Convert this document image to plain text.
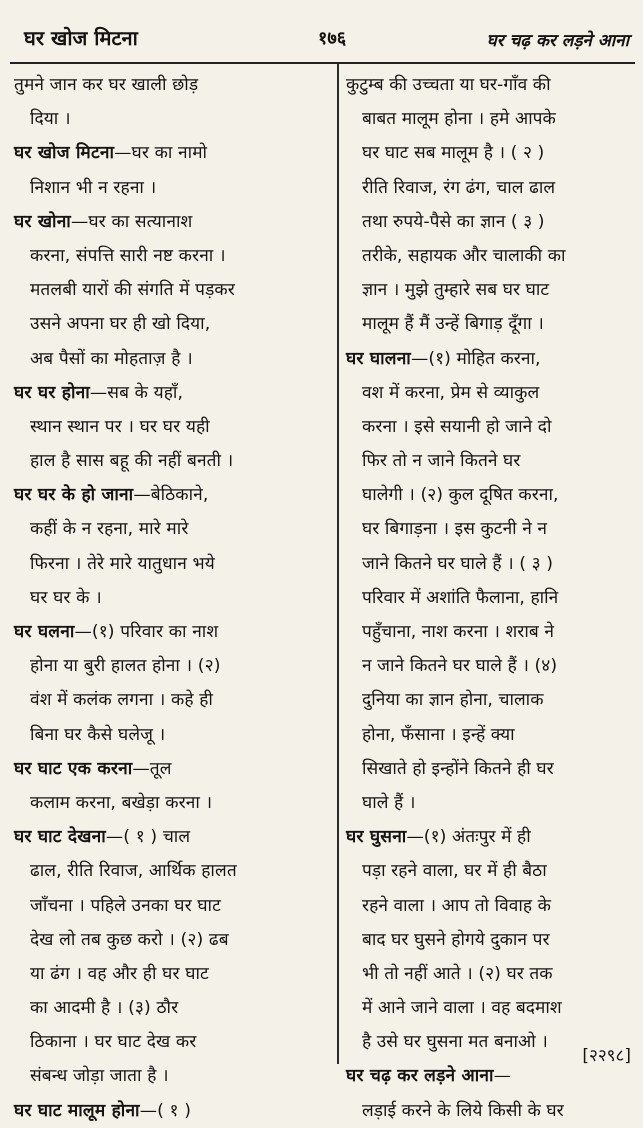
घर खोज मिटना	१७६	घर चढ़ कर लड़ने आना
तुमने जान कर घर खाली छोड़
दिया ।
घर खोज मिटना—घर का नामो
निशान भी न रहना ।
घर खोना—घर का सत्यानाश
करना, संपत्ति सारी नष्ट करना ।
मतलबी यारों की संगति में पड़कर
उसने अपना घर ही खो दिया,
अब पैसों का मोहताज़ है ।
घर घर होना—सब के यहाँ,
स्थान स्थान पर । घर घर यही
हाल है सास बहू की नहीं बनती ।
घर घर के हो जाना—बेठिकाने,
कहीं के न रहना, मारे मारे
फिरना । तेरे मारे यातुधान भये
घर घर के ।
घर घलना—(१) परिवार का नाश
होना या बुरी हालत होना । (२)
वंश में कलंक लगना । कहे ही
बिना घर कैसे घलेजू ।
घर घाट एक करना—तूल
कलाम करना, बखेड़ा करना ।
घर घाट देखना—( १ ) चाल
ढाल, रीति रिवाज, आर्थिक हालत
जाँचना । पहिले उनका घर घाट
देख लो तब कुछ करो । (२) ढब
या ढंग । वह और ही घर घाट
का आदमी है । (३) ठौर
ठिकाना । घर घाट देख कर
संबन्ध जोड़ा जाता है ।
घर घाट मालूम होना—( १ )
कुटुम्ब की उच्चता या घर-गाँव की
बाबत मालूम होना । हमे आपके
घर घाट सब मालूम है । ( २ )
रीति रिवाज, रंग ढंग, चाल ढाल
तथा रुपये-पैसे का ज्ञान ( ३ )
तरीके, सहायक और चालाकी का
ज्ञान । मुझे तुम्हारे सब घर घाट
मालूम हैं मैं उन्हें बिगाड़ दूँगा ।
घर घालना—(१) मोहित करना,
वश में करना, प्रेम से व्याकुल
करना । इसे सयानी हो जाने दो
फिर तो न जाने कितने घर
घालेगी । (२) कुल दूषित करना,
घर बिगाड़ना । इस कुटनी ने न
जाने कितने घर घाले हैं । ( ३ )
परिवार में अशांति फैलाना, हानि
पहुँचाना, नाश करना । शराब ने
न जाने कितने घर घाले हैं । (४)
दुनिया का ज्ञान होना, चालाक
होना, फँसाना । इन्हें क्या
सिखाते हो इन्होंने कितने ही घर
घाले हैं ।
घर घुसना—(१) अंतःपुर में ही
पड़ा रहने वाला, घर में ही बैठा
रहने वाला । आप तो विवाह के
बाद घर घुसने होगये दुकान पर
भी तो नहीं आते । (२) घर तक
में आने जाने वाला । वह बदमाश
है उसे घर घुसना मत बनाओ ।
घर चढ़ कर लड़ने आना—
लड़ाई करने के लिये किसी के घर
[२२९८]
